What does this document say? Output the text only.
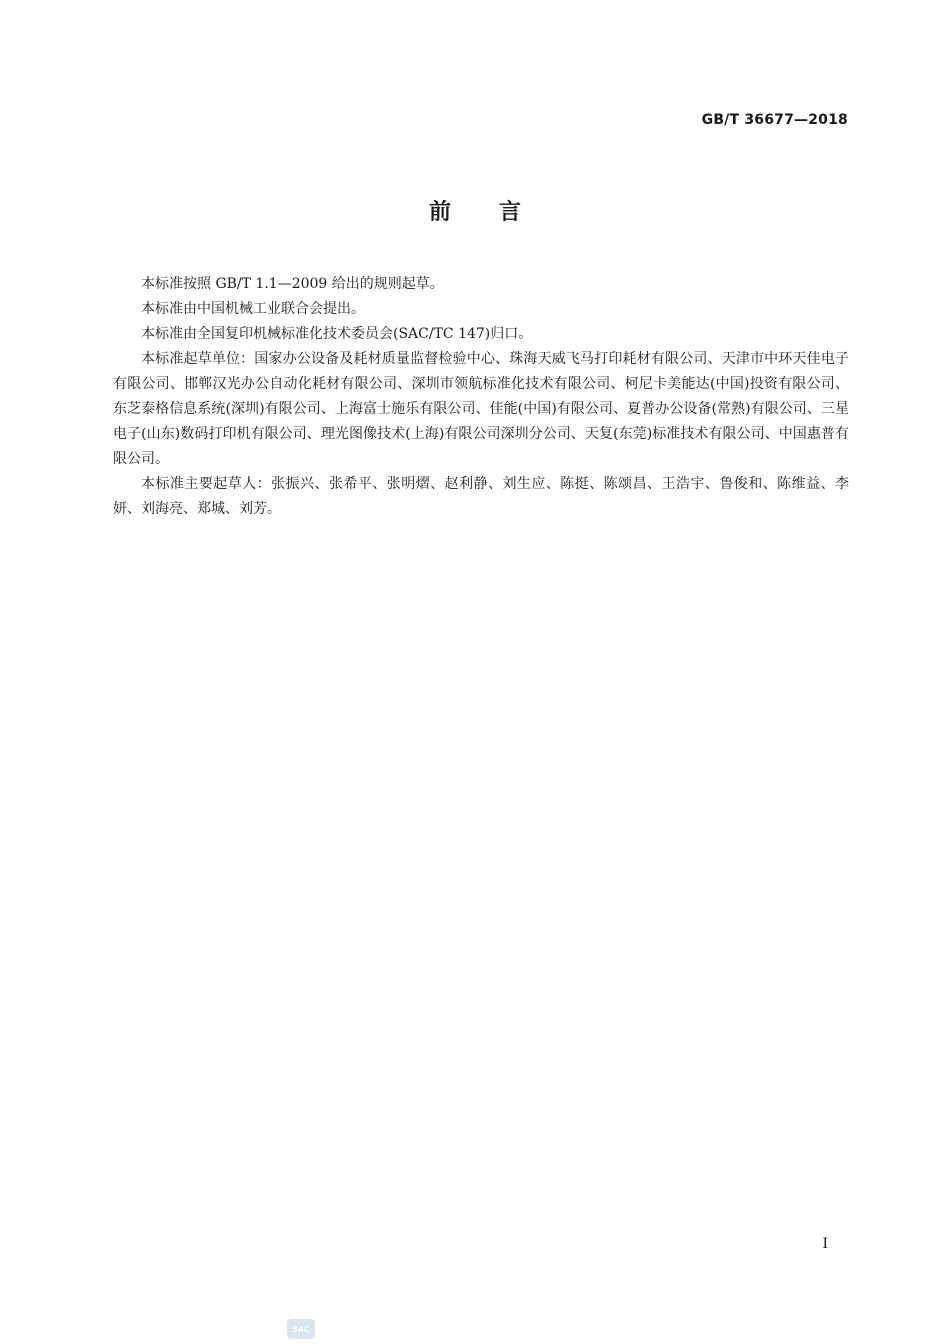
GB/T 36677—2018
前言

本标准按照 GB/T 1.1—2009 给出的规则起草。

本标准由中国机械工业联合会提出。

本标准由全国复印机械标准化技术委员会(SAC/TC 147)归口。

本标准起草单位：国家办公设备及耗材质量监督检验中心、珠海天威飞马打印耗材有限公司、天津市中环天佳电子有限公司、邯郸汉光办公自动化耗材有限公司、深圳市领航标准化技术有限公司、柯尼卡美能达(中国)投资有限公司、东芝泰格信息系统(深圳)有限公司、上海富士施乐有限公司、佳能(中国)有限公司、夏普办公设备(常熟)有限公司、三星电子(山东)数码打印机有限公司、理光图像技术(上海)有限公司深圳分公司、天复(东莞)标准技术有限公司、中国惠普有限公司。

本标准主要起草人：张振兴、张希平、张明熠、赵利静、刘生应、陈挺、陈颂昌、王浩宇、鲁俊和、陈维益、李妍、刘海亮、郑城、刘芳。

I
SAC
